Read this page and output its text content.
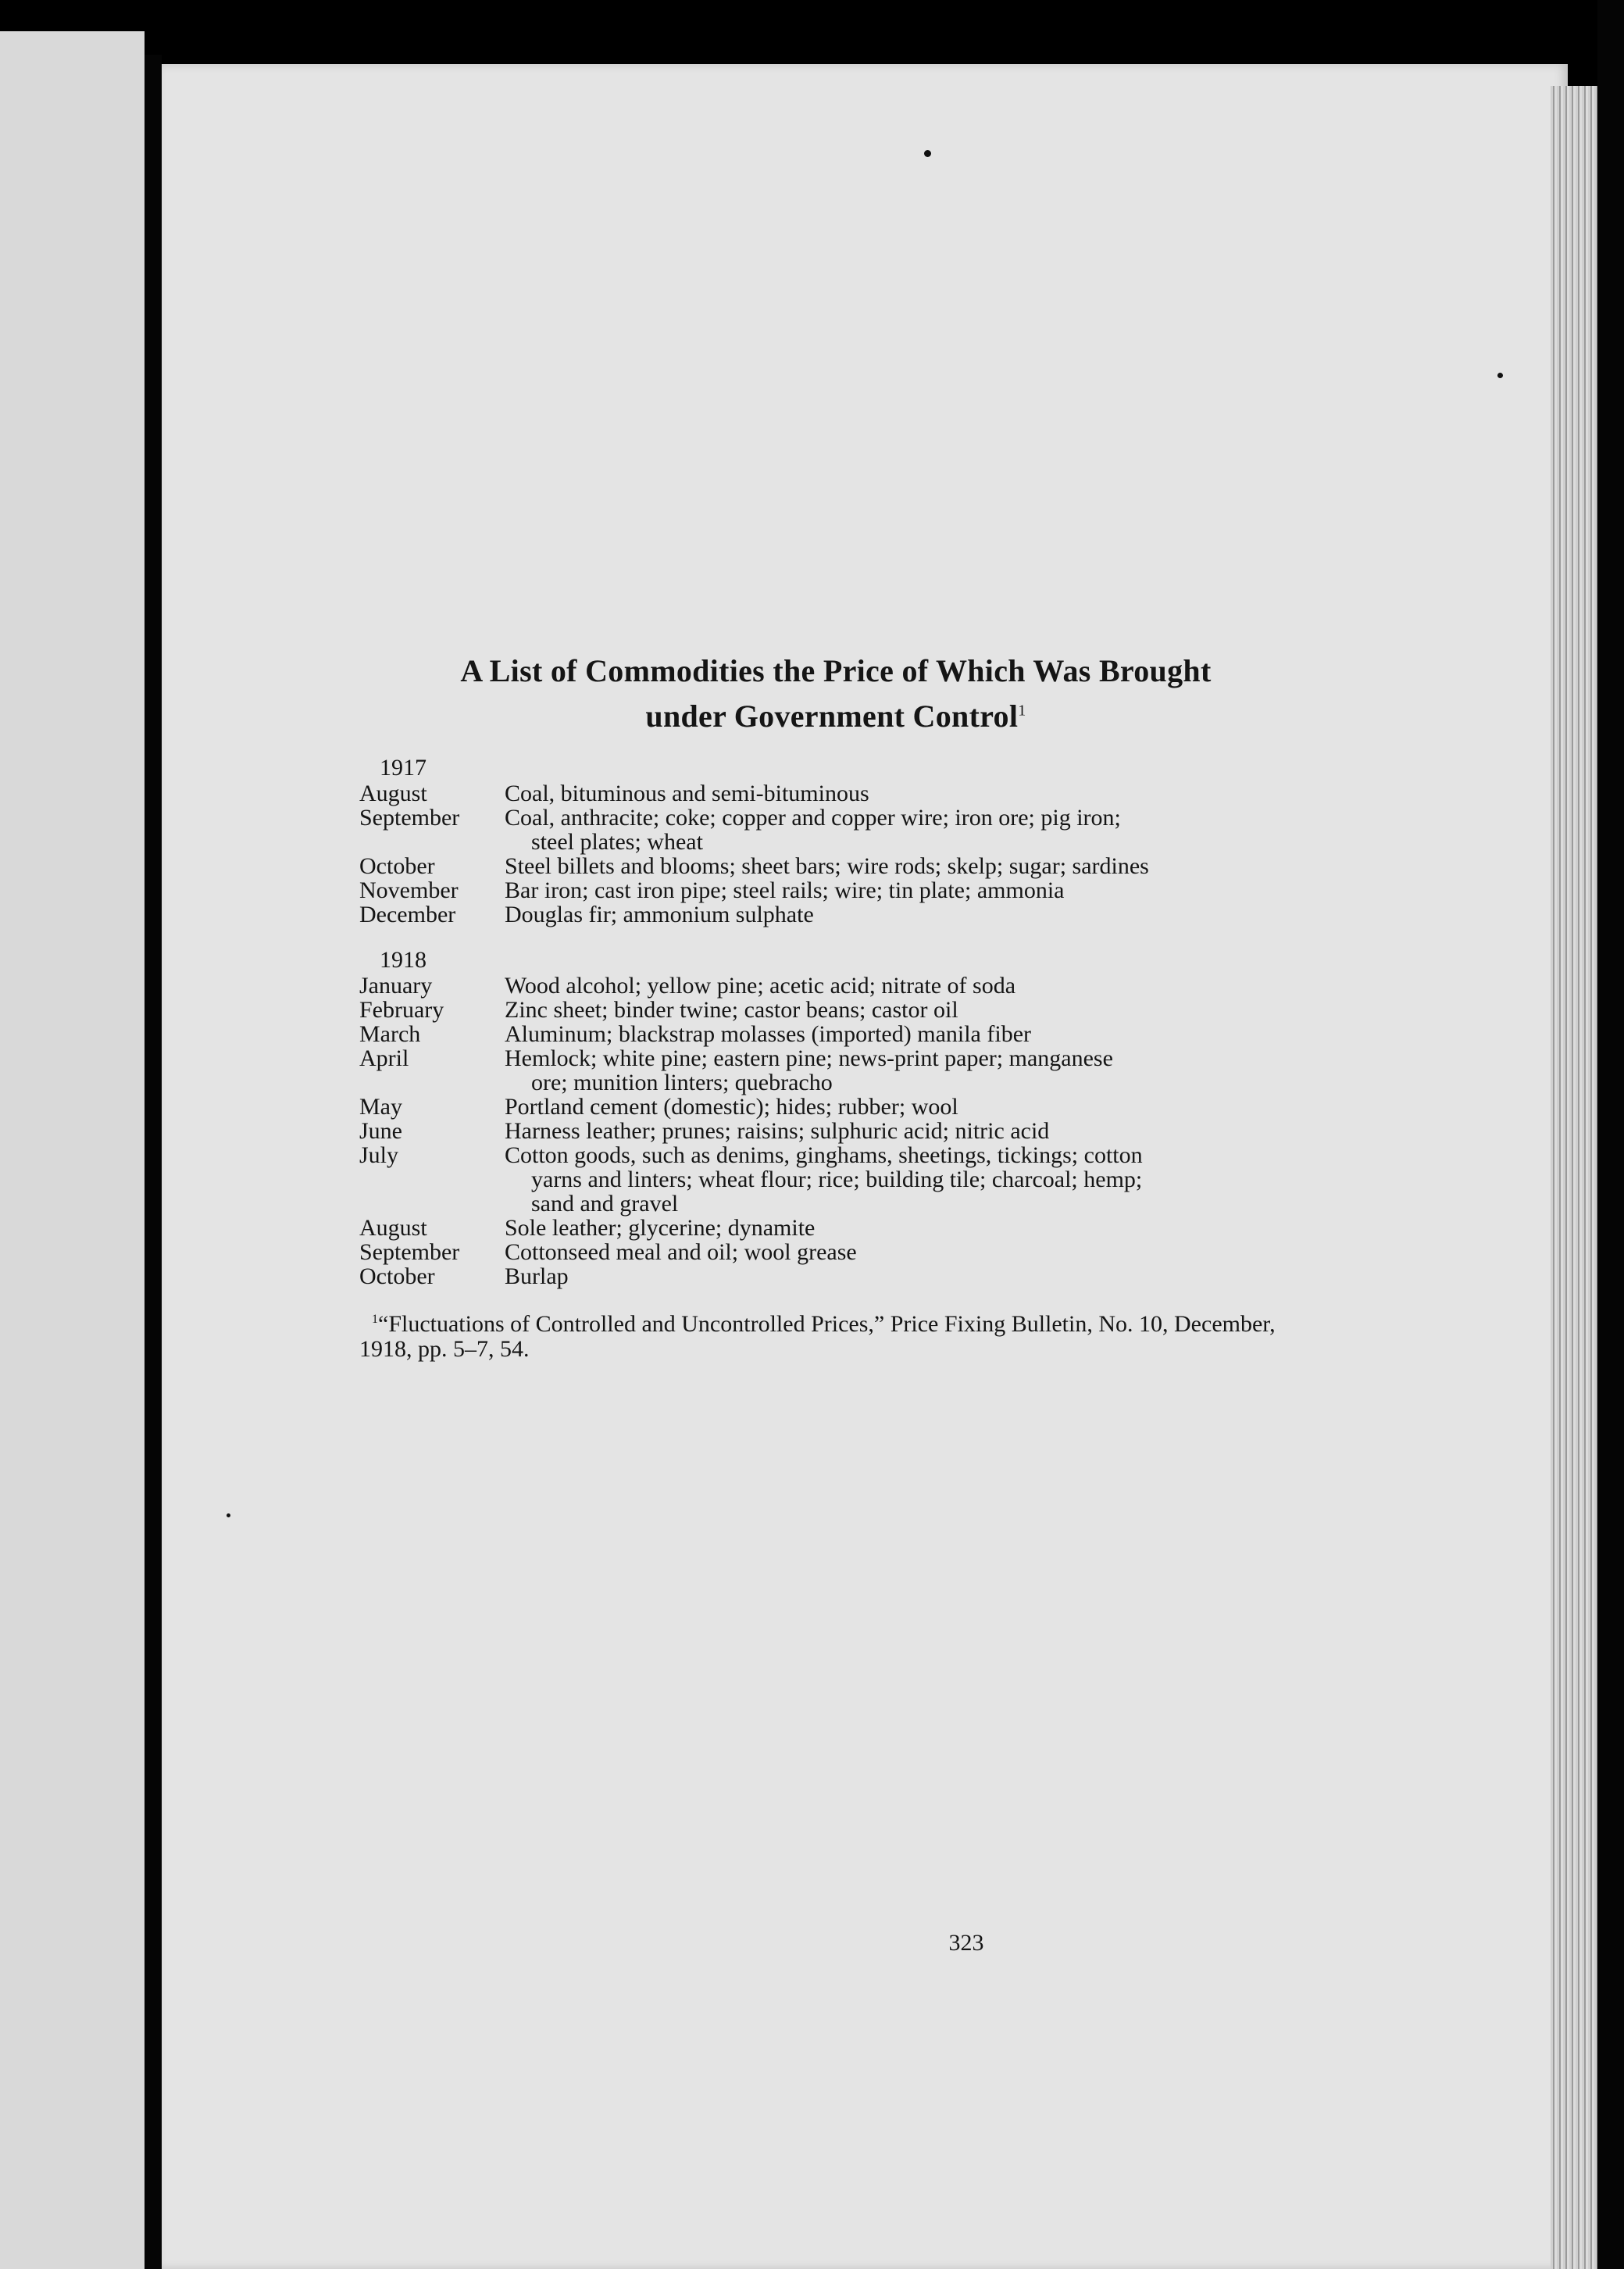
A List of Commodities the Price of Which Was Brought
under Government Control$^1$
1917
August	Coal, bituminous and semi-bituminous
September	Coal, anthracite; coke; copper and copper wire; iron ore; pig iron;
steel plates; wheat
October	Steel billets and blooms; sheet bars; wire rods; skelp; sugar; sardines
November	Bar iron; cast iron pipe; steel rails; wire; tin plate; ammonia
December	Douglas fir; ammonium sulphate
1918
January	Wood alcohol; yellow pine; acetic acid; nitrate of soda
February	Zinc sheet; binder twine; castor beans; castor oil
March	Aluminum; blackstrap molasses (imported) manila fiber
April	Hemlock; white pine; eastern pine; news-print paper; manganese
ore; munition linters; quebracho
May	Portland cement (domestic); hides; rubber; wool
June	Harness leather; prunes; raisins; sulphuric acid; nitric acid
July	Cotton goods, such as denims, ginghams, sheetings, tickings; cotton
yarns and linters; wheat flour; rice; building tile; charcoal; hemp;
sand and gravel
August	Sole leather; glycerine; dynamite
September	Cottonseed meal and oil; wool grease
October	Burlap
$^1$“Fluctuations of Controlled and Uncontrolled Prices,” Price Fixing Bulletin, No. 10, December, 1918, pp. 5–7, 54.
323
